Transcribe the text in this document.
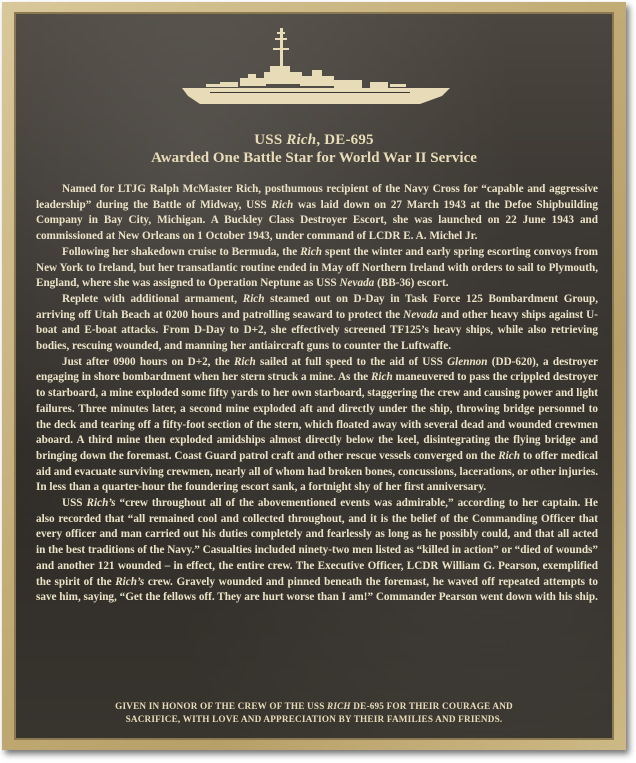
USS Rich, DE-695
Awarded One Battle Star for World War II Service

Named for LTJG Ralph McMaster Rich, posthumous recipient of the Navy Cross for “capable and aggressive leadership” during the Battle of Midway, USS Rich was laid down on 27 March 1943 at the Defoe Shipbuilding Company in Bay City, Michigan. A Buckley Class Destroyer Escort, she was launched on 22 June 1943 and commissioned at New Orleans on 1 October 1943, under command of LCDR E. A. Michel Jr.

Following her shakedown cruise to Bermuda, the Rich spent the winter and early spring escorting convoys from New York to Ireland, but her transatlantic routine ended in May off Northern Ireland with orders to sail to Plymouth, England, where she was assigned to Operation Neptune as USS Nevada (BB-36) escort.

Replete with additional armament, Rich steamed out on D-Day in Task Force 125 Bombardment Group, arriving off Utah Beach at 0200 hours and patrolling seaward to protect the Nevada and other heavy ships against U-boat and E-boat attacks. From D-Day to D+2, she effectively screened TF125’s heavy ships, while also retrieving bodies, rescuing wounded, and manning her antiaircraft guns to counter the Luftwaffe.

Just after 0900 hours on D+2, the Rich sailed at full speed to the aid of USS Glennon (DD-620), a destroyer engaging in shore bombardment when her stern struck a mine. As the Rich maneuvered to pass the crippled destroyer to starboard, a mine exploded some fifty yards to her own starboard, staggering the crew and causing power and light failures. Three minutes later, a second mine exploded aft and directly under the ship, throwing bridge personnel to the deck and tearing off a fifty-foot section of the stern, which floated away with several dead and wounded crewmen aboard. A third mine then exploded amidships almost directly below the keel, disintegrating the flying bridge and bringing down the foremast. Coast Guard patrol craft and other rescue vessels converged on the Rich to offer medical aid and evacuate surviving crewmen, nearly all of whom had broken bones, concussions, lacerations, or other injuries. In less than a quarter-hour the foundering escort sank, a fortnight shy of her first anniversary.

USS Rich’s “crew throughout all of the abovementioned events was admirable,” according to her captain. He also recorded that “all remained cool and collected throughout, and it is the belief of the Commanding Officer that every officer and man carried out his duties completely and fearlessly as long as he possibly could, and that all acted in the best traditions of the Navy.” Casualties included ninety-two men listed as “killed in action” or “died of wounds” and another 121 wounded – in effect, the entire crew. The Executive Officer, LCDR William G. Pearson, exemplified the spirit of the Rich’s crew. Gravely wounded and pinned beneath the foremast, he waved off repeated attempts to save him, saying, “Get the fellows off. They are hurt worse than I am!” Commander Pearson went down with his ship.

GIVEN IN HONOR OF THE CREW OF THE USS RICH DE-695 FOR THEIR COURAGE AND
SACRIFICE, WITH LOVE AND APPRECIATION BY THEIR FAMILIES AND FRIENDS.
